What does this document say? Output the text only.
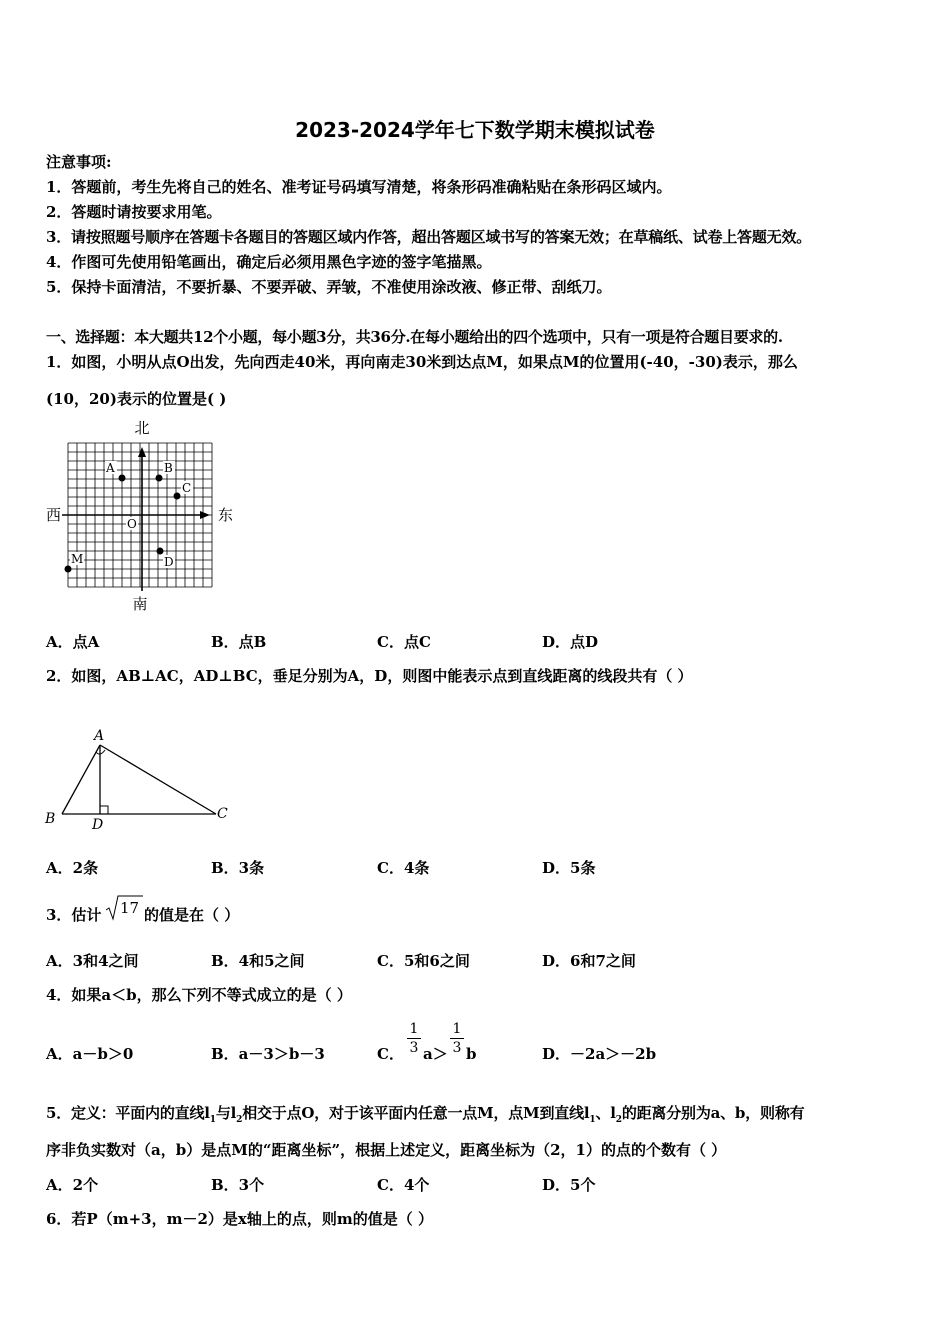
2023-2024学年七下数学期末模拟试卷
注意事项:
1．答题前，考生先将自己的姓名、准考证号码填写清楚，将条形码准确粘贴在条形码区域内。
2．答题时请按要求用笔。
3．请按照题号顺序在答题卡各题目的答题区域内作答，超出答题区域书写的答案无效；在草稿纸、试卷上答题无效。
4．作图可先使用铅笔画出，确定后必须用黑色字迹的签字笔描黑。
5．保持卡面清洁，不要折暴、不要弄破、弄皱，不准使用涂改液、修正带、刮纸刀。
一、选择题：本大题共12个小题，每小题3分，共36分.在每小题给出的四个选项中，只有一项是符合题目要求的.
1．如图，小明从点O出发，先向西走40米，再向南走30米到达点M，如果点M的位置用(-40，-30)表示，那么
(10，20)表示的位置是( )
北
南
西	东
A	B
C
D
O
M
A．点A	B．点B	C．点C	D．点D
2．如图，AB⊥AC，AD⊥BC，垂足分别为A，D，则图中能表示点到直线距离的线段共有（ ）
A
B	C
D
A．2条	B．3条	C．4条	D．5条
3．估计 17 的值是在（ ）
A．3和4之间	B．4和5之间	C．5和6之间	D．6和7之间
4．如果a＜b，那么下列不等式成立的是（ ）
A．a－b＞0	B．a－3＞b－3	C．
1
3 a＞
1
3 b	D．－2a＞－2b
5．定义：平面内的直线$l_1$与$l_2$相交于点O，对于该平面内任意一点M，点M到直线$l_1$、$l_2$的距离分别为a、b，则称有
序非负实数对（a，b）是点M的“距离坐标”，根据上述定义，距离坐标为（2，1）的点的个数有（ ）
A．2个	B．3个	C．4个	D．5个
6．若P（m+3，m－2）是x轴上的点，则m的值是（ ）
